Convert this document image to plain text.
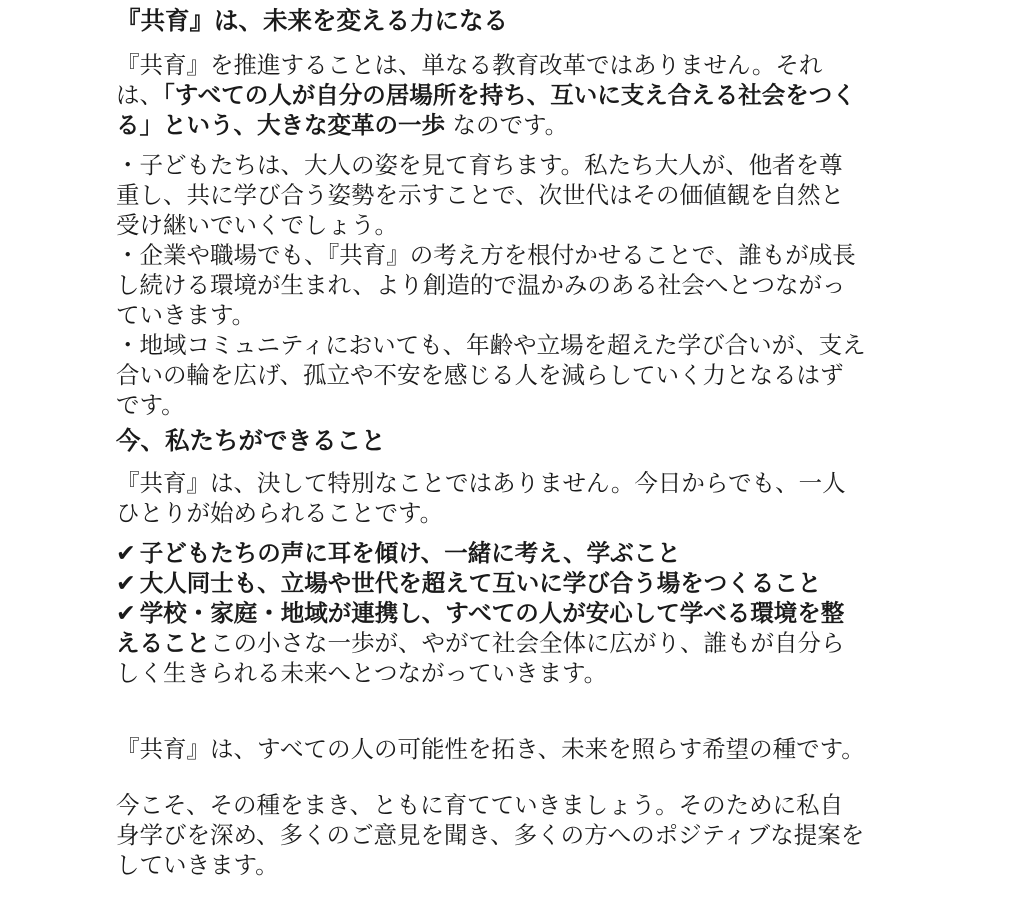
『共育』は、未来を変える力になる

『共育』を推進することは、単なる教育改革ではありません。それは、「すべての人が自分の居場所を持ち、互いに支え合える社会をつくる」という、大きな変革の一歩 なのです。

・子どもたちは、大人の姿を見て育ちます。私たち大人が、他者を尊重し、共に学び合う姿勢を示すことで、次世代はその価値観を自然と受け継いでいくでしょう。
・企業や職場でも、『共育』の考え方を根付かせることで、誰もが成長し続ける環境が生まれ、より創造的で温かみのある社会へとつながっていきます。
・地域コミュニティにおいても、年齢や立場を超えた学び合いが、支え合いの輪を広げ、孤立や不安を感じる人を減らしていく力となるはずです。
今、私たちができること

『共育』は、決して特別なことではありません。今日からでも、一人ひとりが始められることです。

✔ 子どもたちの声に耳を傾け、一緒に考え、学ぶこと
✔ 大人同士も、立場や世代を超えて互いに学び合う場をつくること
✔ 学校・家庭・地域が連携し、すべての人が安心して学べる環境を整えることこの小さな一歩が、やがて社会全体に広がり、誰もが自分らしく生きられる未来へとつながっていきます。

『共育』は、すべての人の可能性を拓き、未来を照らす希望の種です。

今こそ、その種をまき、ともに育てていきましょう。そのために私自身学びを深め、多くのご意見を聞き、多くの方へのポジティブな提案をしていきます。
